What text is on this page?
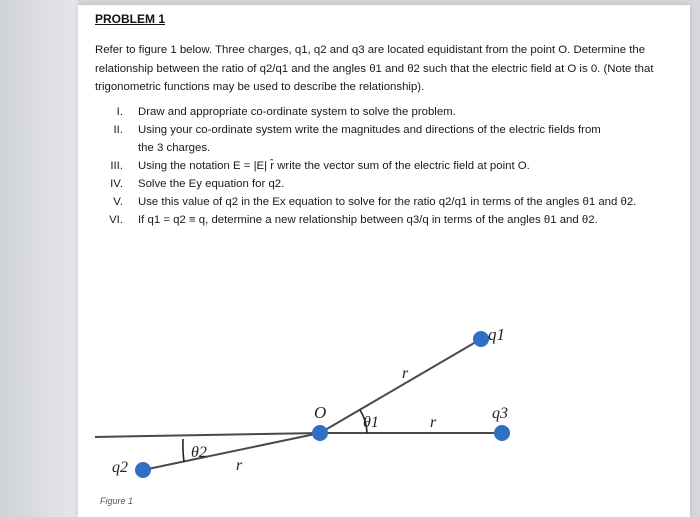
PROBLEM 1
Refer to figure 1 below. Three charges, q1, q2 and q3 are located equidistant from the point O. Determine the relationship between the ratio of q2/q1 and the angles θ1 and θ2 such that the electric field at O is 0. (Note that trigonometric functions may be used to describe the relationship).
I. Draw and appropriate co-ordinate system to solve the problem.
II. Using your co-ordinate system write the magnitudes and directions of the electric fields from the 3 charges.
III. Using the notation E = |E| r̂ write the vector sum of the electric field at point O.
IV. Solve the Ey equation for q2.
V. Use this value of q2 in the Ex equation to solve for the ratio q2/q1 in terms of the angles θ1 and θ2.
VI. If q1 = q2 ≡ q, determine a new relationship between q3/q in terms of the angles θ1 and θ2.
q1
q3
q2
O
θ1
θ2
r
r
r
Figure 1
